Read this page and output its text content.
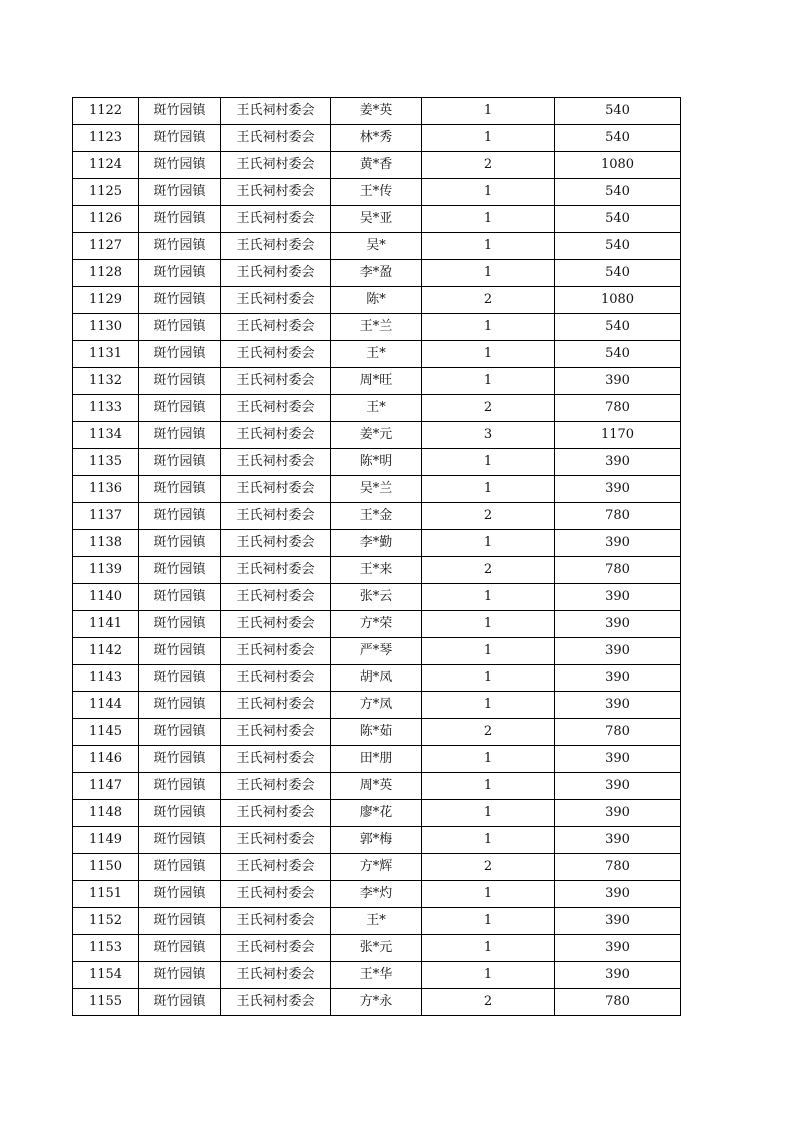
1122	斑竹园镇	王氏祠村委会	姜*英	1	540
1123	斑竹园镇	王氏祠村委会	林*秀	1	540
1124	斑竹园镇	王氏祠村委会	黄*香	2	1080
1125	斑竹园镇	王氏祠村委会	王*传	1	540
1126	斑竹园镇	王氏祠村委会	吴*亚	1	540
1127	斑竹园镇	王氏祠村委会	吴*	1	540
1128	斑竹园镇	王氏祠村委会	李*盈	1	540
1129	斑竹园镇	王氏祠村委会	陈*	2	1080
1130	斑竹园镇	王氏祠村委会	王*兰	1	540
1131	斑竹园镇	王氏祠村委会	王*	1	540
1132	斑竹园镇	王氏祠村委会	周*旺	1	390
1133	斑竹园镇	王氏祠村委会	王*	2	780
1134	斑竹园镇	王氏祠村委会	姜*元	3	1170
1135	斑竹园镇	王氏祠村委会	陈*明	1	390
1136	斑竹园镇	王氏祠村委会	吴*兰	1	390
1137	斑竹园镇	王氏祠村委会	王*金	2	780
1138	斑竹园镇	王氏祠村委会	李*勤	1	390
1139	斑竹园镇	王氏祠村委会	王*来	2	780
1140	斑竹园镇	王氏祠村委会	张*云	1	390
1141	斑竹园镇	王氏祠村委会	方*荣	1	390
1142	斑竹园镇	王氏祠村委会	严*琴	1	390
1143	斑竹园镇	王氏祠村委会	胡*凤	1	390
1144	斑竹园镇	王氏祠村委会	方*凤	1	390
1145	斑竹园镇	王氏祠村委会	陈*茹	2	780
1146	斑竹园镇	王氏祠村委会	田*朋	1	390
1147	斑竹园镇	王氏祠村委会	周*英	1	390
1148	斑竹园镇	王氏祠村委会	廖*花	1	390
1149	斑竹园镇	王氏祠村委会	郭*梅	1	390
1150	斑竹园镇	王氏祠村委会	方*辉	2	780
1151	斑竹园镇	王氏祠村委会	李*灼	1	390
1152	斑竹园镇	王氏祠村委会	王*	1	390
1153	斑竹园镇	王氏祠村委会	张*元	1	390
1154	斑竹园镇	王氏祠村委会	王*华	1	390
1155	斑竹园镇	王氏祠村委会	方*永	2	780
